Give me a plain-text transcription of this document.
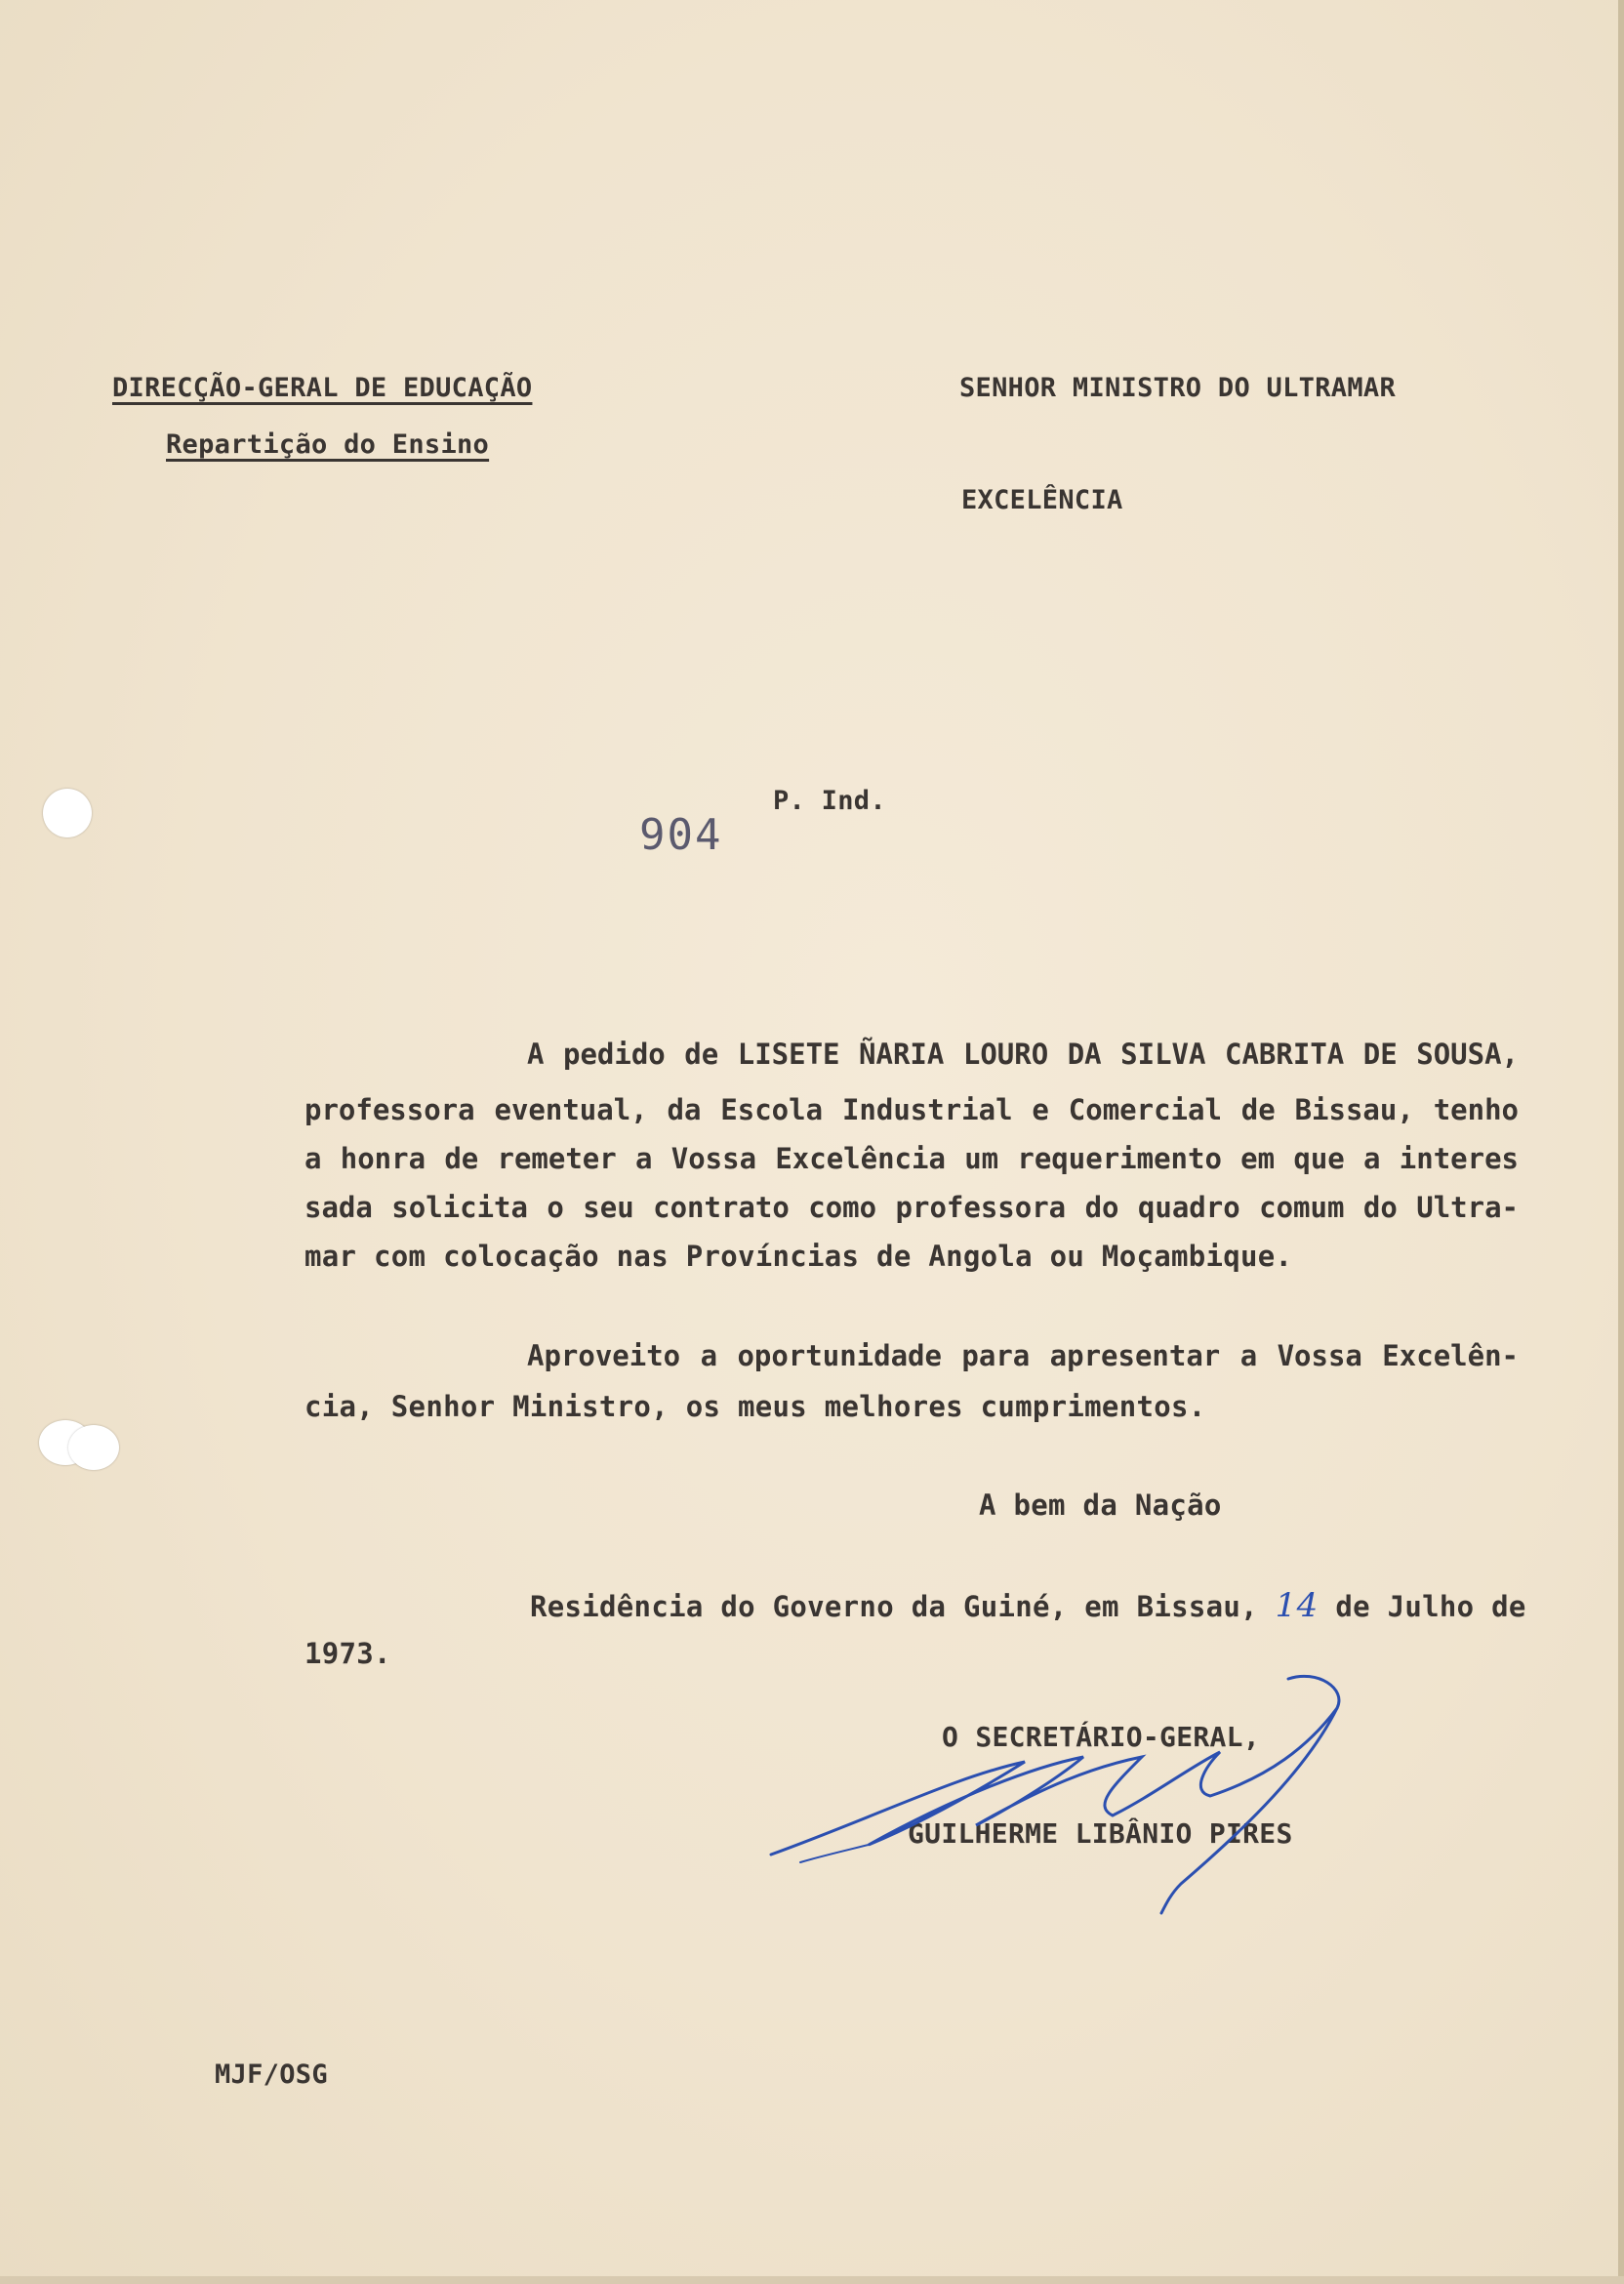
DIRECÇÃO-GERAL DE EDUCAÇÃO
Repartição do Ensino
SENHOR MINISTRO DO ULTRAMAR
EXCELÊNCIA
904
P. Ind.
A pedido de LISETE ÑARIA LOURO DA SILVA CABRITA DE SOUSA,
professora eventual, da Escola Industrial e Comercial de Bissau, tenho
a honra de remeter a Vossa Excelência um requerimento em que a interes
sada solicita o seu contrato como professora do quadro comum do Ultra-
mar com colocação nas Províncias de Angola ou Moçambique.
Aproveito a oportunidade para apresentar a Vossa Excelên-
cia, Senhor Ministro, os meus melhores cumprimentos.
A bem da Nação
Residência do Governo da Guiné, em Bissau, 14 de Julho de
1973.
O SECRETÁRIO-GERAL,
GUILHERME LIBÂNIO PIRES
MJF/OSG
